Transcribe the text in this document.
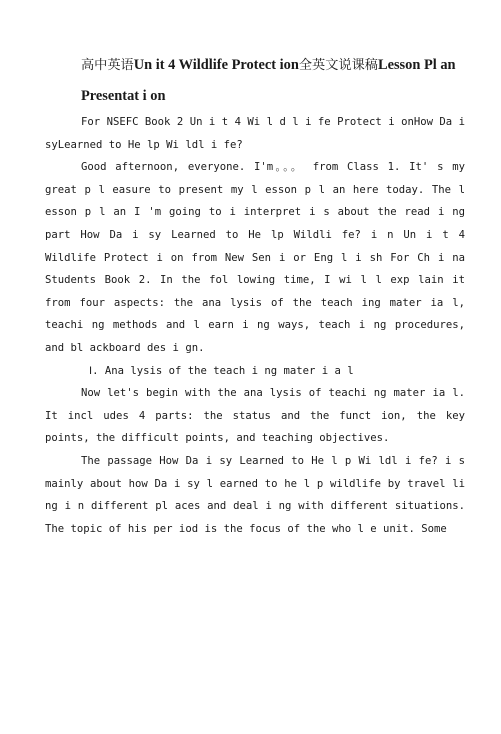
高中英语Un it 4 Wildlife Protect ion全英文说课稿Lesson Pl an Presentat i on

For NSEFC Book 2 Un i t 4 Wi l d l i fe Protect i onHow Da i syLearned to He lp Wi ldl i fe?

Good afternoon, everyone. I'm。。。 from Class 1. It' s my great p l easure to present my l esson p l an here today. The l esson p l an I 'm going to i interpret i s about the read i ng part How Da i sy Learned to He lp Wildli fe? i n Un i t 4 Wildlife Protect i on from New Sen i or Eng l i sh For Ch i na Students Book 2. In the fol lowing time, I wi l l exp lain it from four aspects: the ana lysis of the teach ing mater ia l, teachi ng methods and l earn i ng ways, teach i ng procedures, and bl ackboard des i gn.

Ⅰ. Ana lysis of the teach i ng mater i a l

Now let's begin with the ana lysis of teachi ng mater ia l. It incl udes 4 parts: the status and the funct ion, the key points, the difficult points, and teaching objectives.

The passage How Da i sy Learned to He l p Wi ldl i fe? i s mainly about how Da i sy l earned to he l p wildlife by travel li ng i n different pl aces and deal i ng with different situations. The topic of his per iod is the focus of the who l e unit. Some
